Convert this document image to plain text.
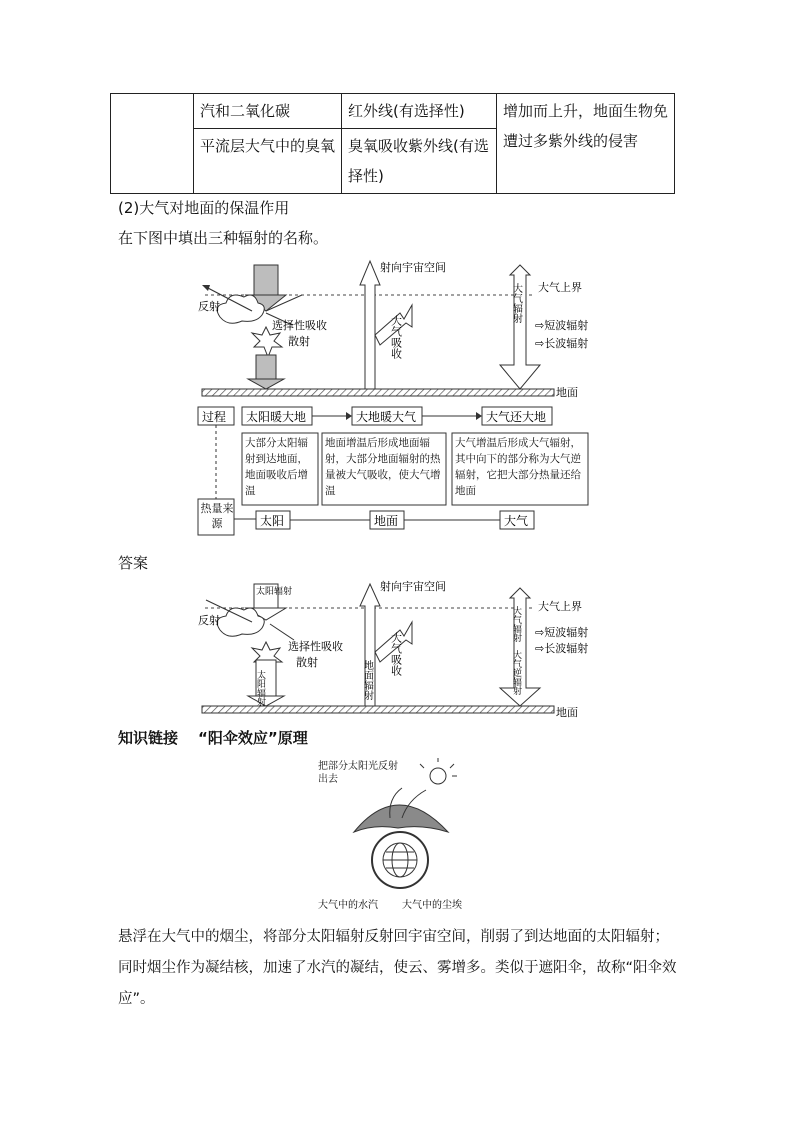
	汽和二氧化碳	红外线(有选择性)	增加而上升，地面生物免遭过多紫外线的侵害
	平流层大气中的臭氧	臭氧吸收紫外线(有选择性)	
(2)大气对地面的保温作用
在下图中填出三种辐射的名称。
大气上界
反射
选择性吸收
散射
射向宇宙空间
大气吸收
大气辐射
⇨短波辐射
⇨长波辐射
地面
过程 太阳暖大地	大地暖大气	大气还大地
大部分太阳辐射到达地面，地面吸收后增温
地面增温后形成地面辐射，大部分地面辐射的热量被大气吸收，使大气增温
大气增温后形成大气辐射，其中向下的部分称为大气逆辐射，它把大部分热量还给地面
热量来源	太阳	地面	大气
答案
大气上界
太阳辐射
反射
选择性吸收
散射
太阳辐射
射向宇宙空间
地面辐射
大气吸收
大气辐射
大气逆辐射
⇨短波辐射
⇨长波辐射
地面
知识链接 “阳伞效应”原理
把部分太阳光反射出去
大气中的水汽 大气中的尘埃
悬浮在大气中的烟尘，将部分太阳辐射反射回宇宙空间，削弱了到达地面的太阳辐射；同时烟尘作为凝结核，加速了水汽的凝结，使云、雾增多。类似于遮阳伞，故称“阳伞效应”。
